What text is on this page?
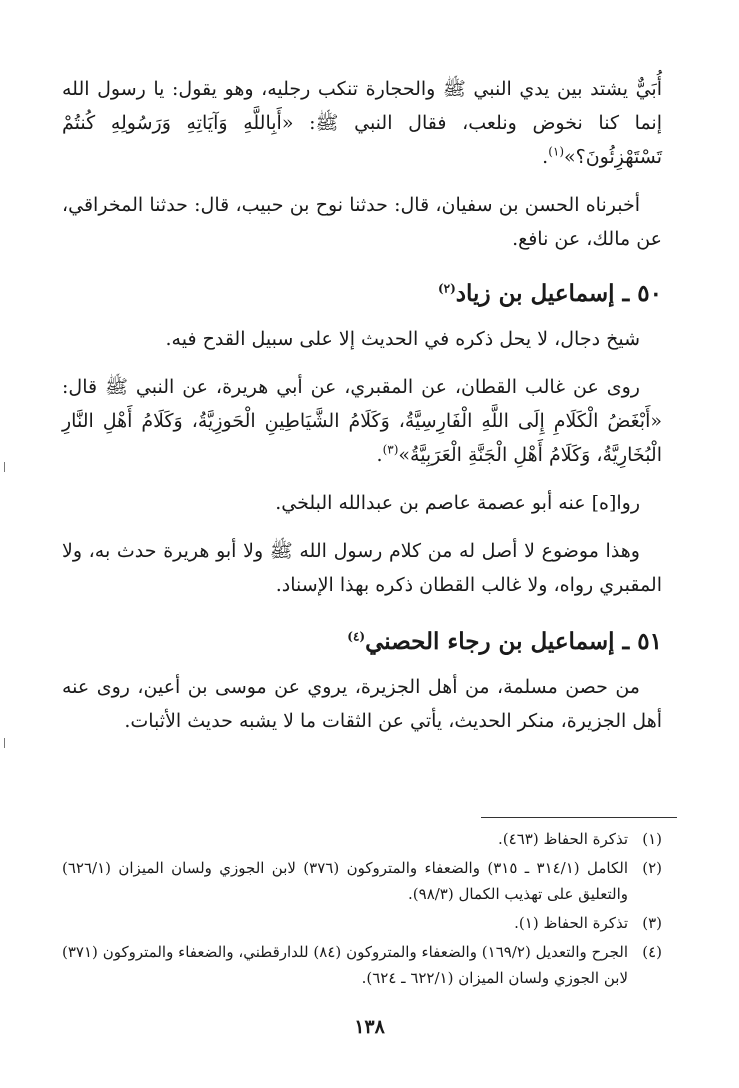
أُبَيٌّ يشتد بين يدي النبي ﷺ والحجارة تنكب رجليه، وهو يقول: يا رسول الله إنما كنا نخوض ونلعب، فقال النبي ﷺ: «أَبِاللَّهِ وَآيَاتِهِ وَرَسُولِهِ كُنتُمْ تَسْتَهْزِئُونَ؟»$^{(١)}$.

أخبرناه الحسن بن سفيان، قال: حدثنا نوح بن حبيب، قال: حدثنا المخراقي، عن مالك، عن نافع.

٥٠ ـ إسماعيل بن زياد$^{(٢)}$

شيخ دجال، لا يحل ذكره في الحديث إلا على سبيل القدح فيه.

روى عن غالب القطان، عن المقبري، عن أبي هريرة، عن النبي ﷺ قال: «أَبْغَضُ الْكَلَامِ إِلَى اللَّهِ الْفَارِسِيَّةُ، وَكَلَامُ الشَّيَاطِينِ الْحَوزِيَّةُ، وَكَلَامُ أَهْلِ النَّارِ الْبُخَارِيَّةُ، وَكَلَامُ أَهْلِ الْجَنَّةِ الْعَرَبِيَّةُ»$^{(٣)}$.

روا[ه] عنه أبو عصمة عاصم بن عبدالله البلخي.

وهذا موضوع لا أصل له من كلام رسول الله ﷺ ولا أبو هريرة حدث به، ولا المقبري رواه، ولا غالب القطان ذكره بهذا الإسناد.

٥١ ـ إسماعيل بن رجاء الحصني$^{(٤)}$

من حصن مسلمة، من أهل الجزيرة، يروي عن موسى بن أعين، روى عنه أهل الجزيرة، منكر الحديث، يأتي عن الثقات ما لا يشبه حديث الأثبات.

(١)
تذكرة الحفاظ (٤٦٣).
(٢)
الكامل (٣١٤/١ ـ ٣١٥) والضعفاء والمتروكون (٣٧٦) لابن الجوزي ولسان الميزان (٦٢٦/١) والتعليق على تهذيب الكمال (٩٨/٣).
(٣)
تذكرة الحفاظ (١).
(٤)
الجرح والتعديل (١٦٩/٢) والضعفاء والمتروكون (٨٤) للدارقطني، والضعفاء والمتروكون (٣٧١) لابن الجوزي ولسان الميزان (٦٢٢/١ ـ ٦٢٤).
١٣٨
